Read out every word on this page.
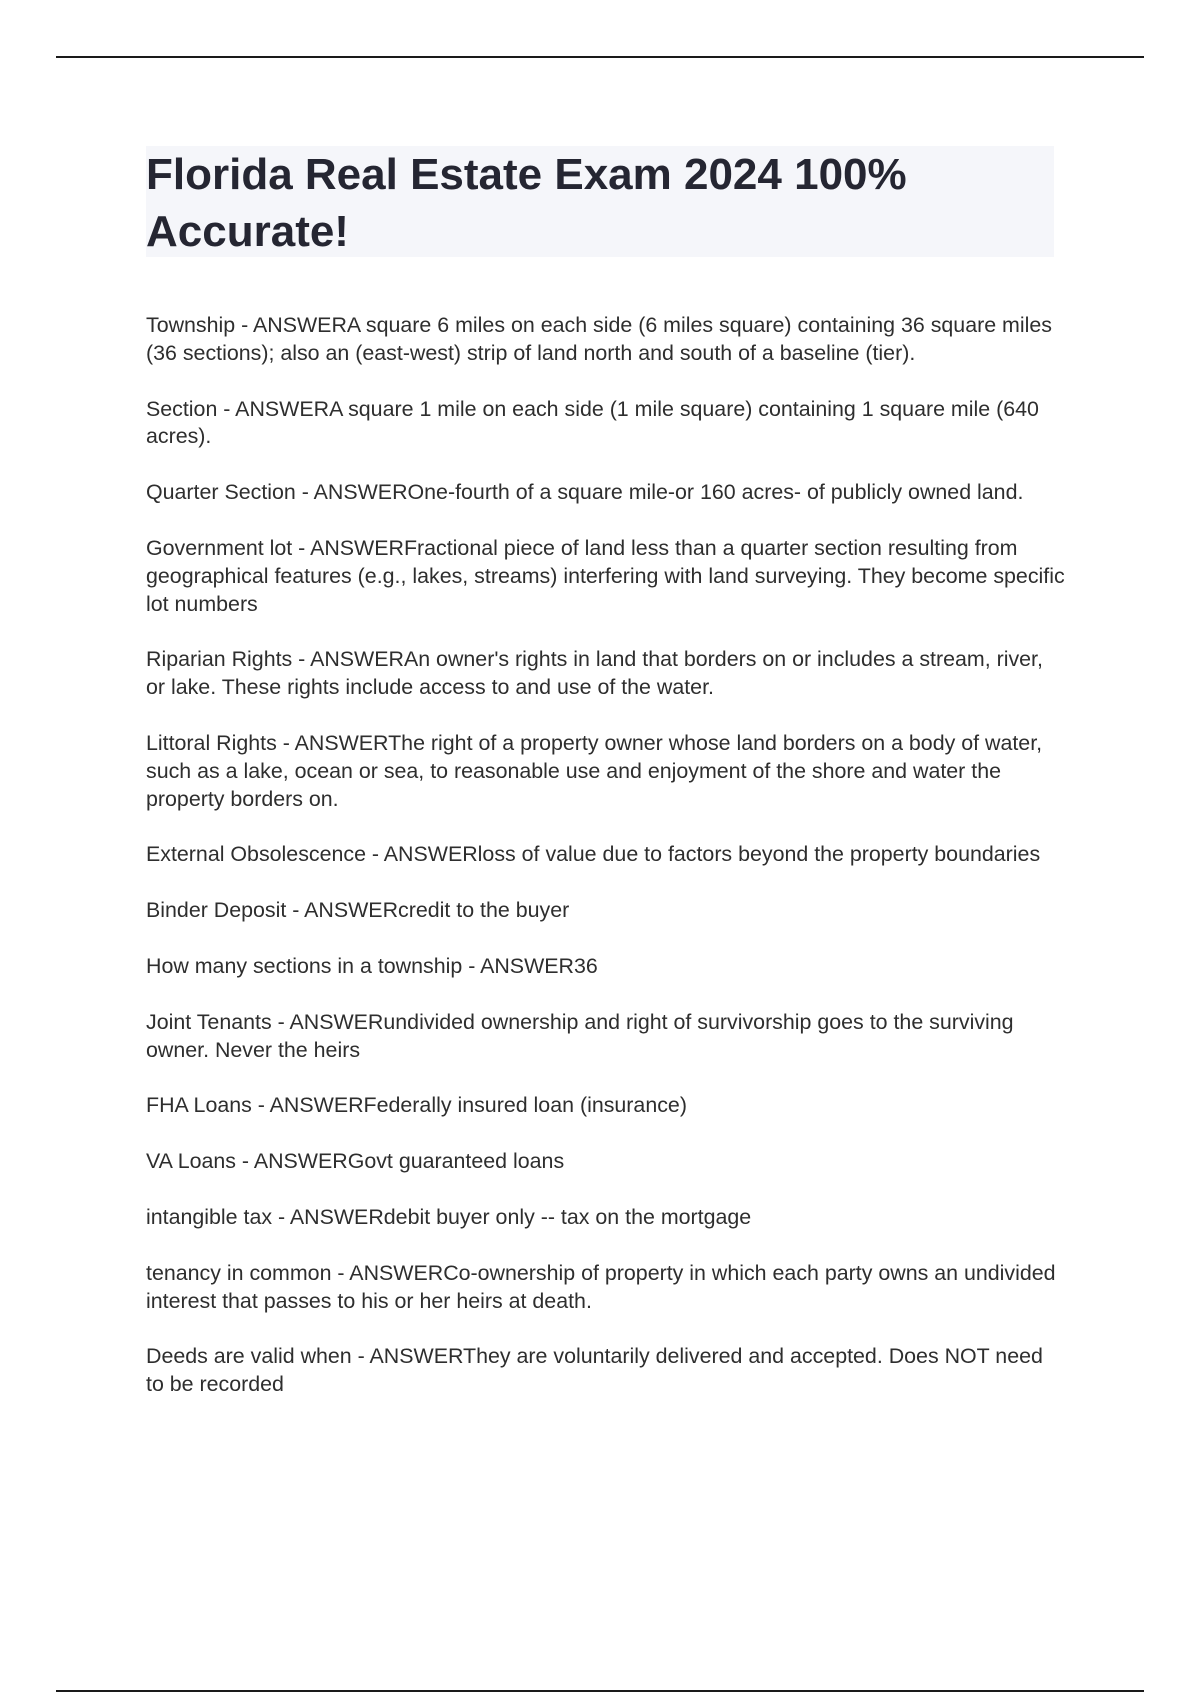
Florida Real Estate Exam 2024 100% Accurate!

Township - ANSWERA square 6 miles on each side (6 miles square) containing 36 square miles (36 sections); also an (east-west) strip of land north and south of a baseline (tier).

Section - ANSWERA square 1 mile on each side (1 mile square) containing 1 square mile (640 acres).

Quarter Section - ANSWEROne-fourth of a square mile-or 160 acres- of publicly owned land.

Government lot - ANSWERFractional piece of land less than a quarter section resulting from geographical features (e.g., lakes, streams) interfering with land surveying. They become specific lot numbers

Riparian Rights - ANSWERAn owner's rights in land that borders on or includes a stream, river, or lake. These rights include access to and use of the water.

Littoral Rights - ANSWERThe right of a property owner whose land borders on a body of water, such as a lake, ocean or sea, to reasonable use and enjoyment of the shore and water the property borders on.

External Obsolescence - ANSWERloss of value due to factors beyond the property boundaries

Binder Deposit - ANSWERcredit to the buyer

How many sections in a township - ANSWER36

Joint Tenants - ANSWERundivided ownership and right of survivorship goes to the surviving owner. Never the heirs

FHA Loans - ANSWERFederally insured loan (insurance)

VA Loans - ANSWERGovt guaranteed loans

intangible tax - ANSWERdebit buyer only -- tax on the mortgage

tenancy in common - ANSWERCo-ownership of property in which each party owns an undivided interest that passes to his or her heirs at death.

Deeds are valid when - ANSWERThey are voluntarily delivered and accepted. Does NOT need to be recorded
